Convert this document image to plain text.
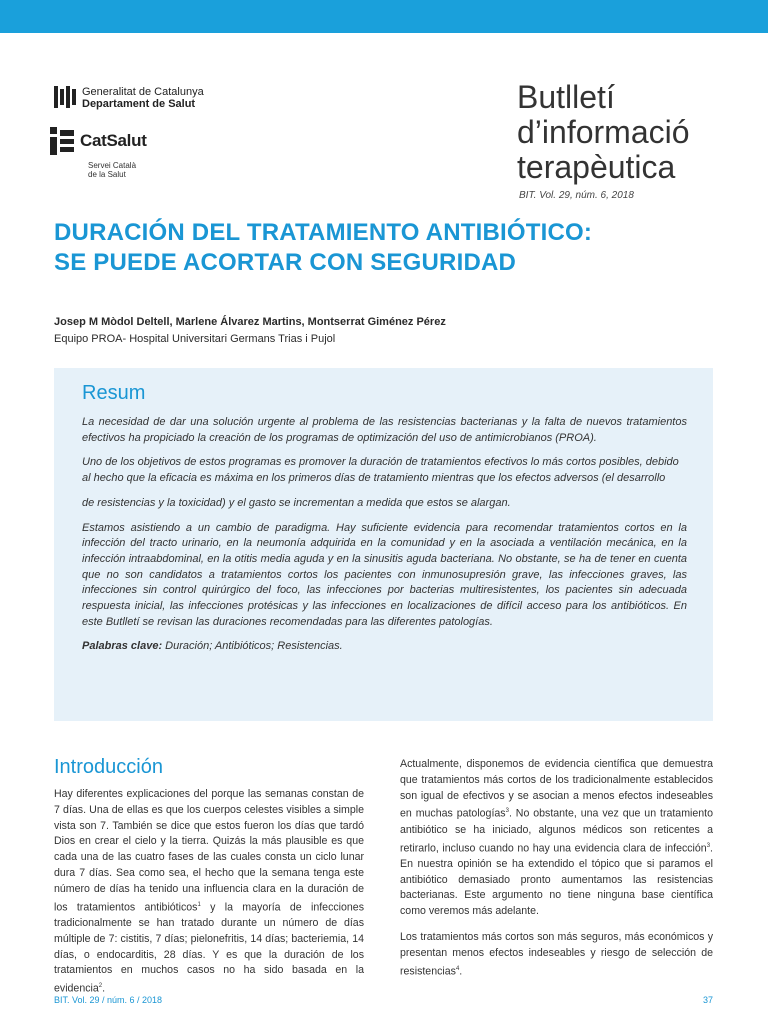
Generalitat de Catalunya
Departament de Salut
CatSalut
Servei Català
de la Salut
Butlletí
d’informació
terapèutica
BIT. Vol. 29, núm. 6, 2018
DURACIÓN DEL TRATAMIENTO ANTIBIÓTICO:
SE PUEDE ACORTAR CON SEGURIDAD
Josep M Mòdol Deltell, Marlene Álvarez Martins, Montserrat Giménez Pérez
Equipo PROA- Hospital Universitari Germans Trias i Pujol
Resum

La necesidad de dar una solución urgente al problema de las resistencias bacterianas y la falta de nuevos tratamientos efectivos ha propiciado la creación de los programas de optimización del uso de antimicrobianos (PROA).

Uno de los objetivos de estos programas es promover la duración de tratamientos efectivos lo más cortos posibles, debido al hecho que la eficacia es máxima en los primeros días de tratamiento mientras que los efectos adversos (el desarrollo

de resistencias y la toxicidad) y el gasto se incrementan a medida que estos se alargan.

Estamos asistiendo a un cambio de paradigma. Hay suficiente evidencia para recomendar tratamientos cortos en la infección del tracto urinario, en la neumonía adquirida en la comunidad y en la asociada a ventilación mecánica, en la infección intraabdominal, en la otitis media aguda y en la sinusitis aguda bacteriana. No obstante, se ha de tener en cuenta que no son candidatos a tratamientos cortos los pacientes con inmunosupresión grave, las infecciones graves, las infecciones sin control quirúrgico del foco, las infecciones por bacterias multiresistentes, los pacientes sin adecuada respuesta inicial, las infecciones protésicas y las infecciones en localizaciones de difícil acceso para los antibióticos. En este Butlletí se revisan las duraciones recomendadas para las diferentes patologías.

Palabras clave: Duración; Antibióticos; Resistencias.

Introducción

Hay diferentes explicaciones del porque las semanas constan de 7 días. Una de ellas es que los cuerpos celestes visibles a simple vista son 7. También se dice que estos fueron los días que tardó Dios en crear el cielo y la tierra. Quizás la más plausible es que cada una de las cuatro fases de las cuales consta un ciclo lunar dura 7 días. Sea como sea, el hecho que la semana tenga este número de días ha tenido una influencia clara en la duración de los tratamientos antibióticos$^1$ y la mayoría de infecciones tradicionalmente se han tratado durante un número de días múltiple de 7: cistitis, 7 días; pielonefritis, 14 días; bacteriemia, 14 días, o endocarditis, 28 días. Y es que la duración de los tratamientos en muchos casos no ha sido basada en la evidencia$^2$.

Actualmente, disponemos de evidencia científica que demuestra que tratamientos más cortos de los tradicionalmente establecidos son igual de efectivos y se asocian a menos efectos indeseables en muchas patologías$^3$. No obstante, una vez que un tratamiento antibiótico se ha iniciado, algunos médicos son reticentes a retirarlo, incluso cuando no hay una evidencia clara de infección$^3$. En nuestra opinión se ha extendido el tópico que si paramos el antibiótico demasiado pronto aumentamos las resistencias bacterianas. Este argumento no tiene ninguna base científica como veremos más adelante.

Los tratamientos más cortos son más seguros, más económicos y presentan menos efectos indeseables y riesgo de selección de resistencias$^4$.

BIT. Vol. 29 / núm. 6 / 2018	37
